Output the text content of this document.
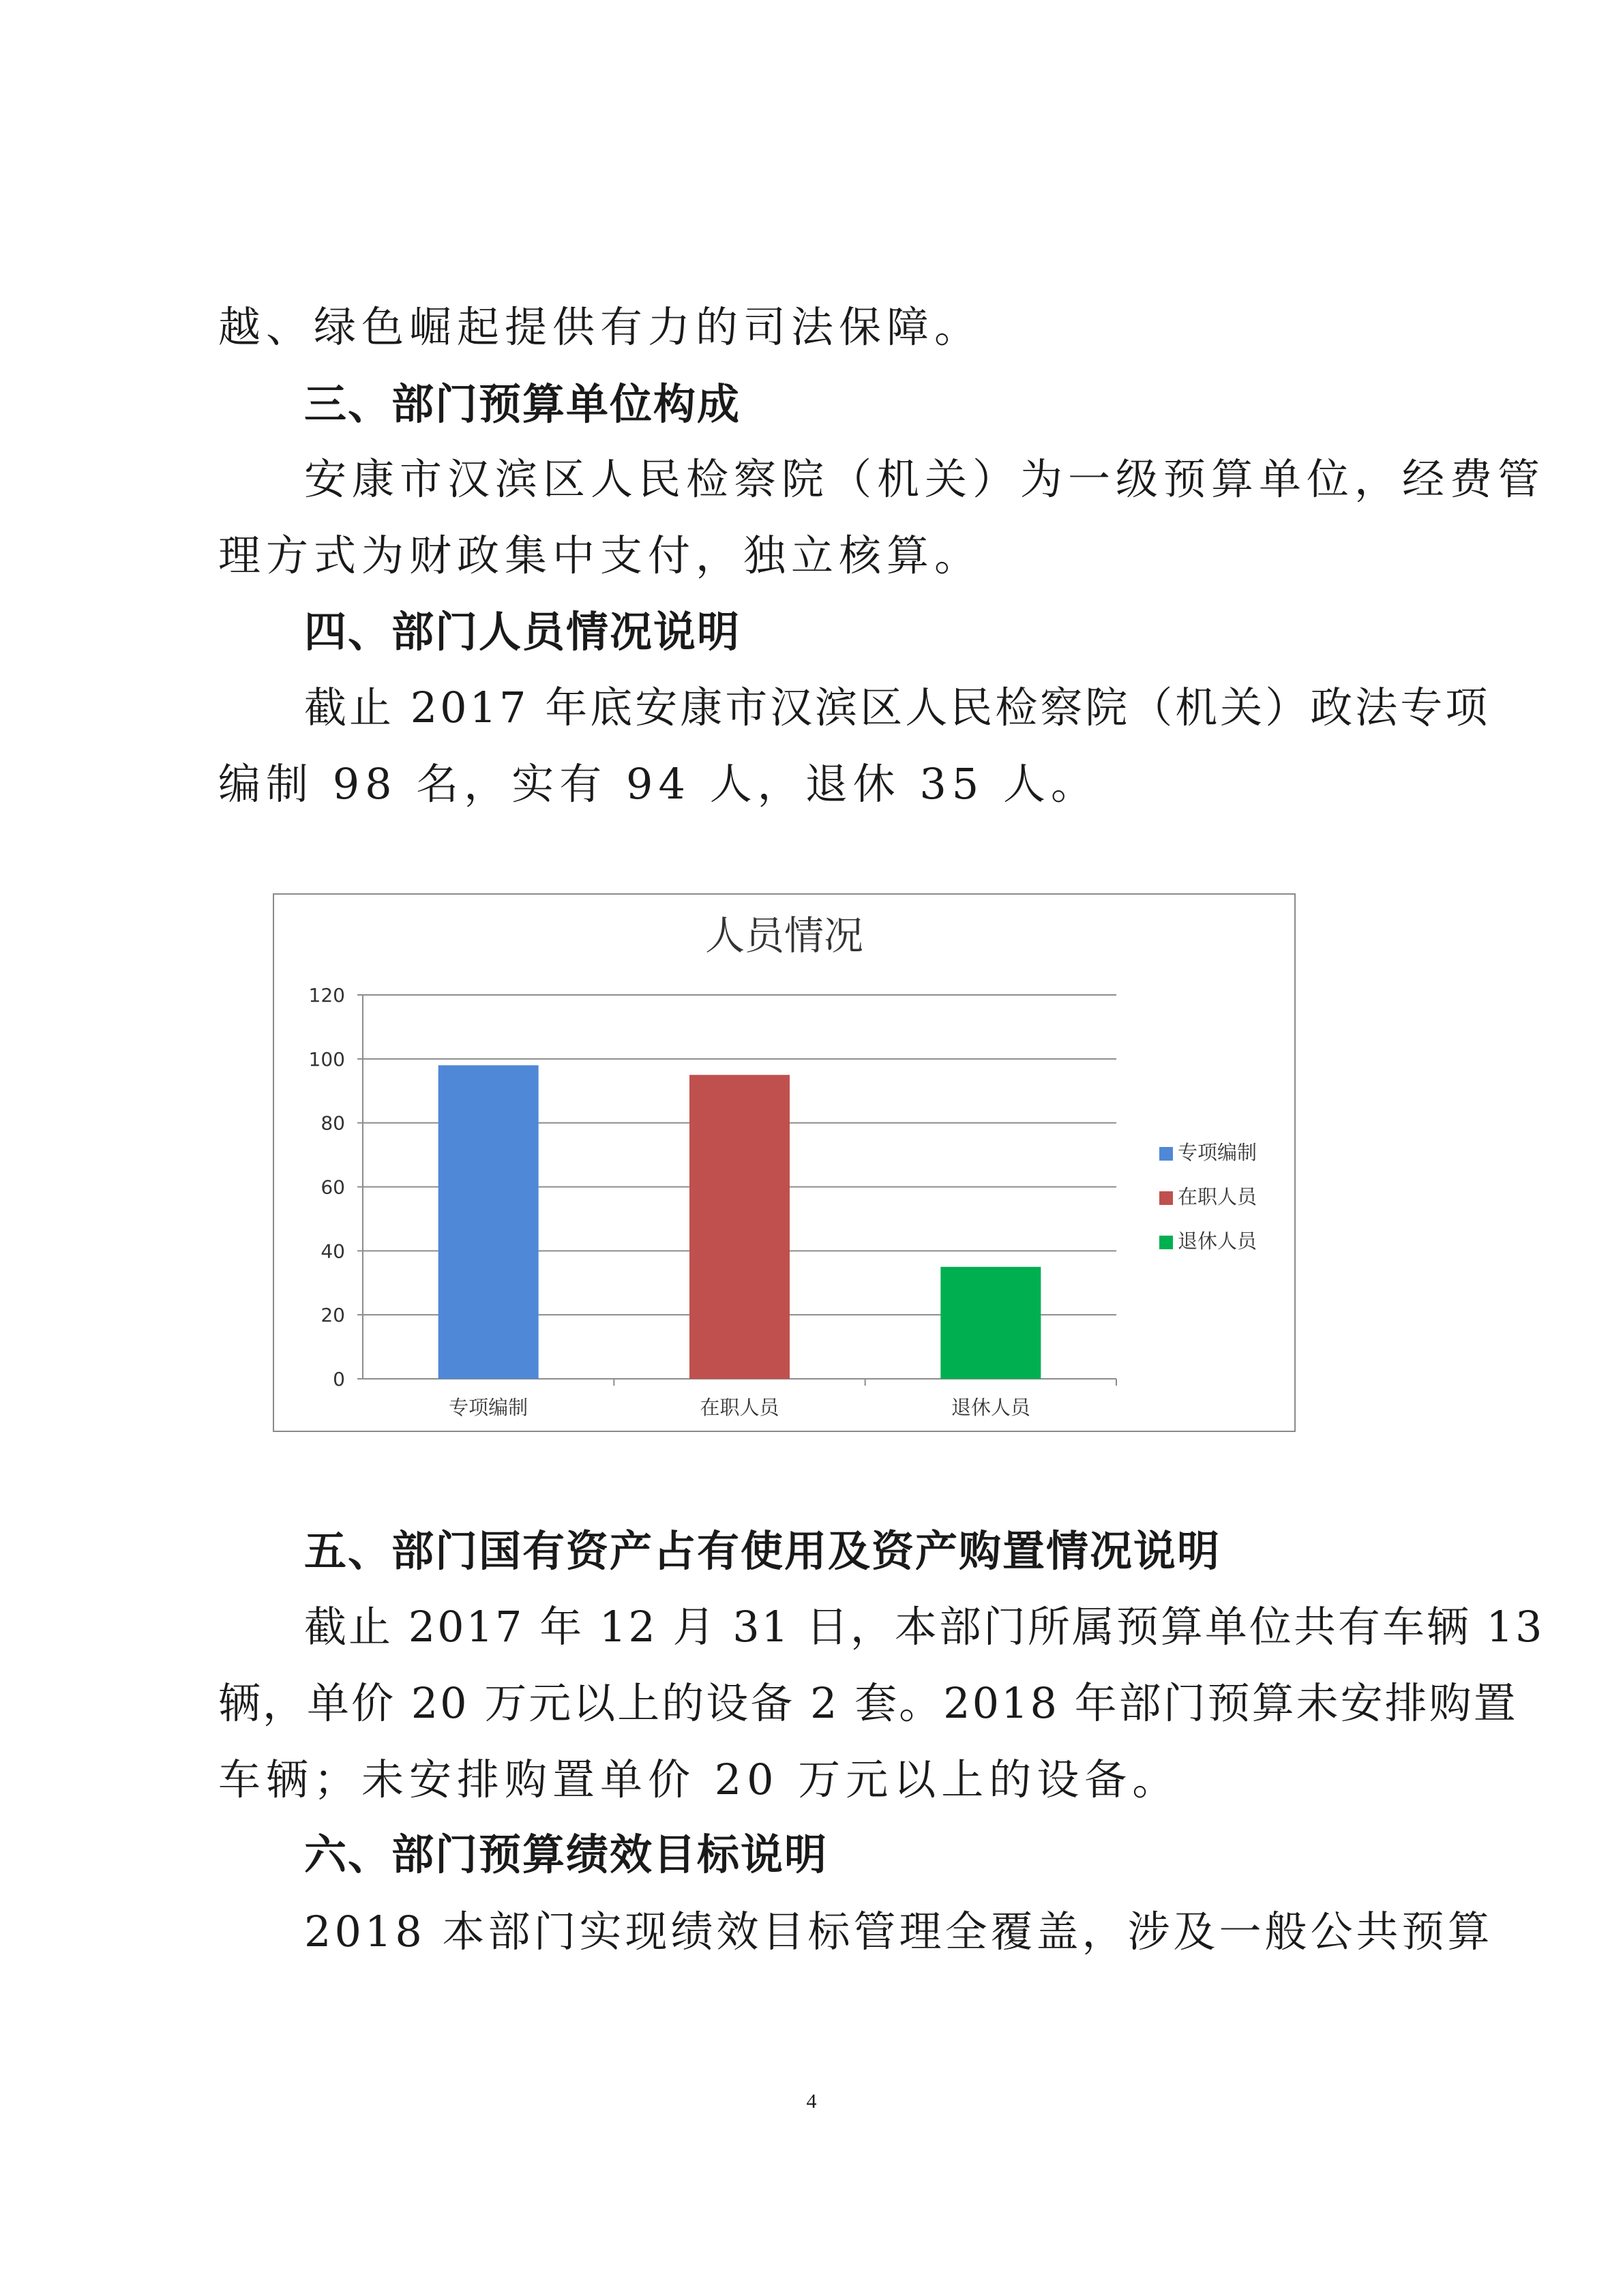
越、绿色崛起提供有力的司法保障。
三、部门预算单位构成
安康市汉滨区人民检察院（机关）为一级预算单位，经费管
理方式为财政集中支付，独立核算。
四、部门人员情况说明
截止 2017 年底安康市汉滨区人民检察院（机关）政法专项
编制 98 名，实有 94 人，退休 35 人。
人员情况
0
20
40
60
80
100
120
专项编制	在职人员	退休人员
专项编制
在职人员
退休人员
五、部门国有资产占有使用及资产购置情况说明
截止 2017 年 12 月 31 日，本部门所属预算单位共有车辆 13
辆，单价 20 万元以上的设备 2 套。2018 年部门预算未安排购置
车辆；未安排购置单价 20 万元以上的设备。
六、部门预算绩效目标说明
2018 本部门实现绩效目标管理全覆盖，涉及一般公共预算
4
